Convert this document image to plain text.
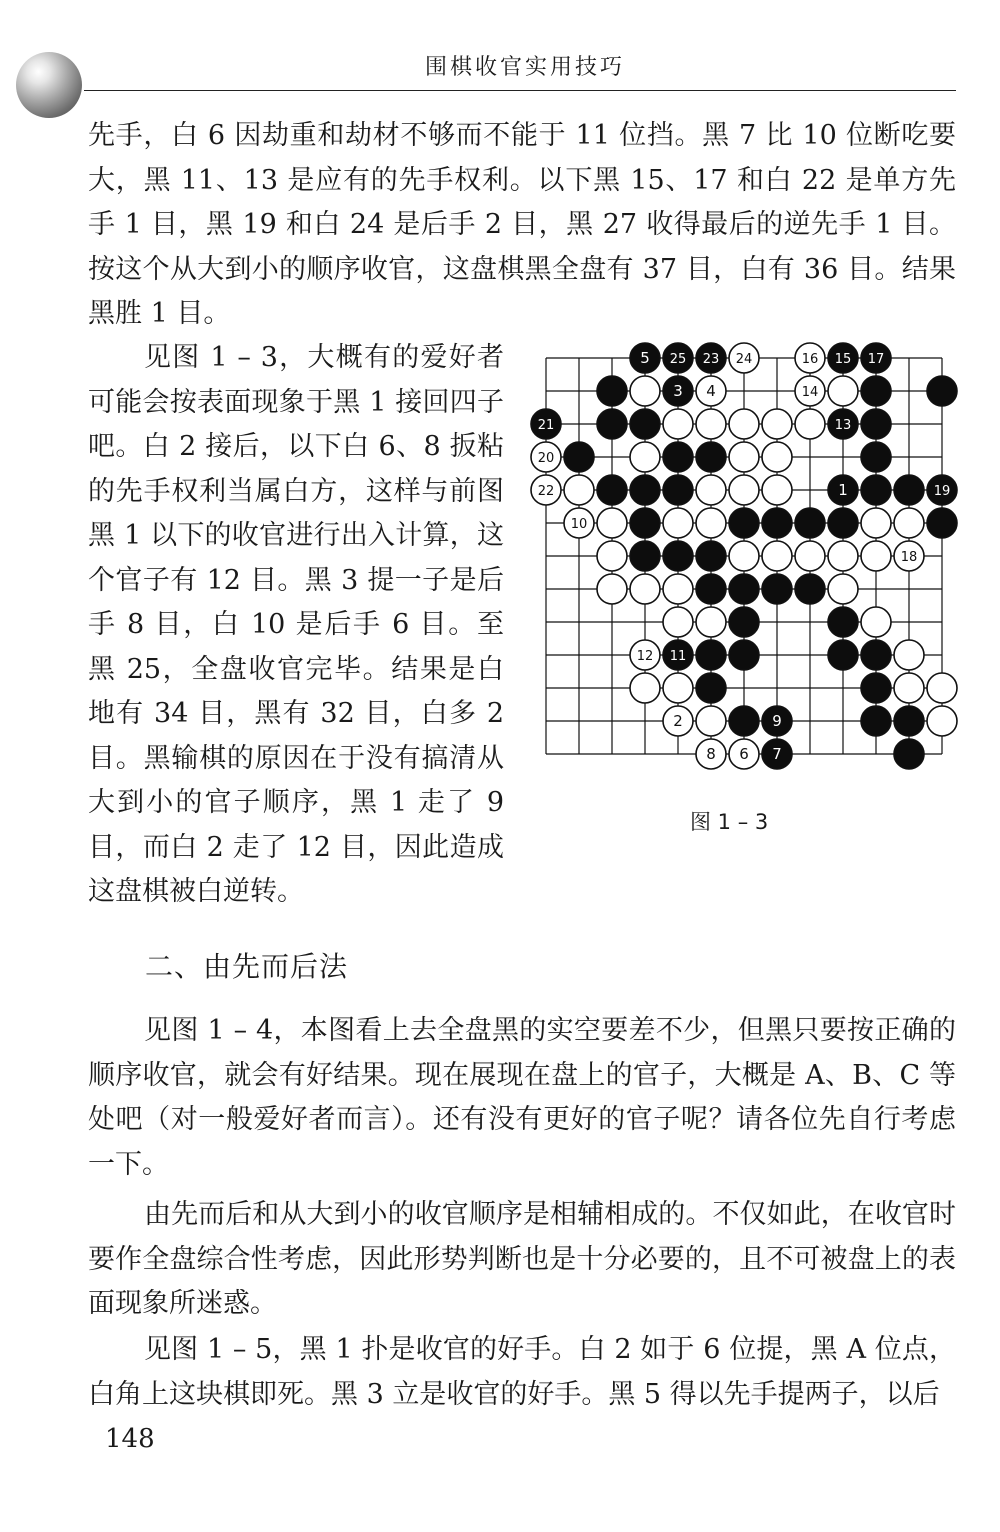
围棋收官实用技巧

先手，白 6 因劫重和劫材不够而不能于 11 位挡。黑 7 比 10 位断吃要大，黑 11、13 是应有的先手权利。以下黑 15、17 和白 22 是单方先手 1 目，黑 19 和白 24 是后手 2 目，黑 27 收得最后的逆先手 1 目。按这个从大到小的顺序收官，这盘棋黑全盘有 37 目，白有 36 目。结果黑胜 1 目。

见图 1 – 3，大概有的爱好者可能会按表面现象于黑 1 接回四子吧。白 2 接后，以下白 6、8 扳粘的先手权利当属白方，这样与前图黑 1 以下的收官进行出入计算，这个官子有 12 目。黑 3 提一子是后手 8 目，白 10 是后手 6 目。至黑 25，全盘收官完毕。结果是白地有 34 目，黑有 32 目，白多 2 目。黑输棋的原因在于没有搞清从大到小的官子顺序，黑 1 走了 9 目，而白 2 走了 12 目，因此造成这盘棋被白逆转。

5 25 23 24	16 15 17
3 4	14
21	13
20
22	1	19
10
18
12 11
2	9
8 6 7
图 1 – 3
二、由先而后法

见图 1 – 4，本图看上去全盘黑的实空要差不少，但黑只要按正确的顺序收官，就会有好结果。现在展现在盘上的官子，大概是 A、B、C 等处吧（对一般爱好者而言）。还有没有更好的官子呢？请各位先自行考虑一下。

由先而后和从大到小的收官顺序是相辅相成的。不仅如此，在收官时要作全盘综合性考虑，因此形势判断也是十分必要的，且不可被盘上的表面现象所迷惑。

见图 1 – 5，黑 1 扑是收官的好手。白 2 如于 6 位提，黑 A 位点，白角上这块棋即死。黑 3 立是收官的好手。黑 5 得以先手提两子，以后

148
